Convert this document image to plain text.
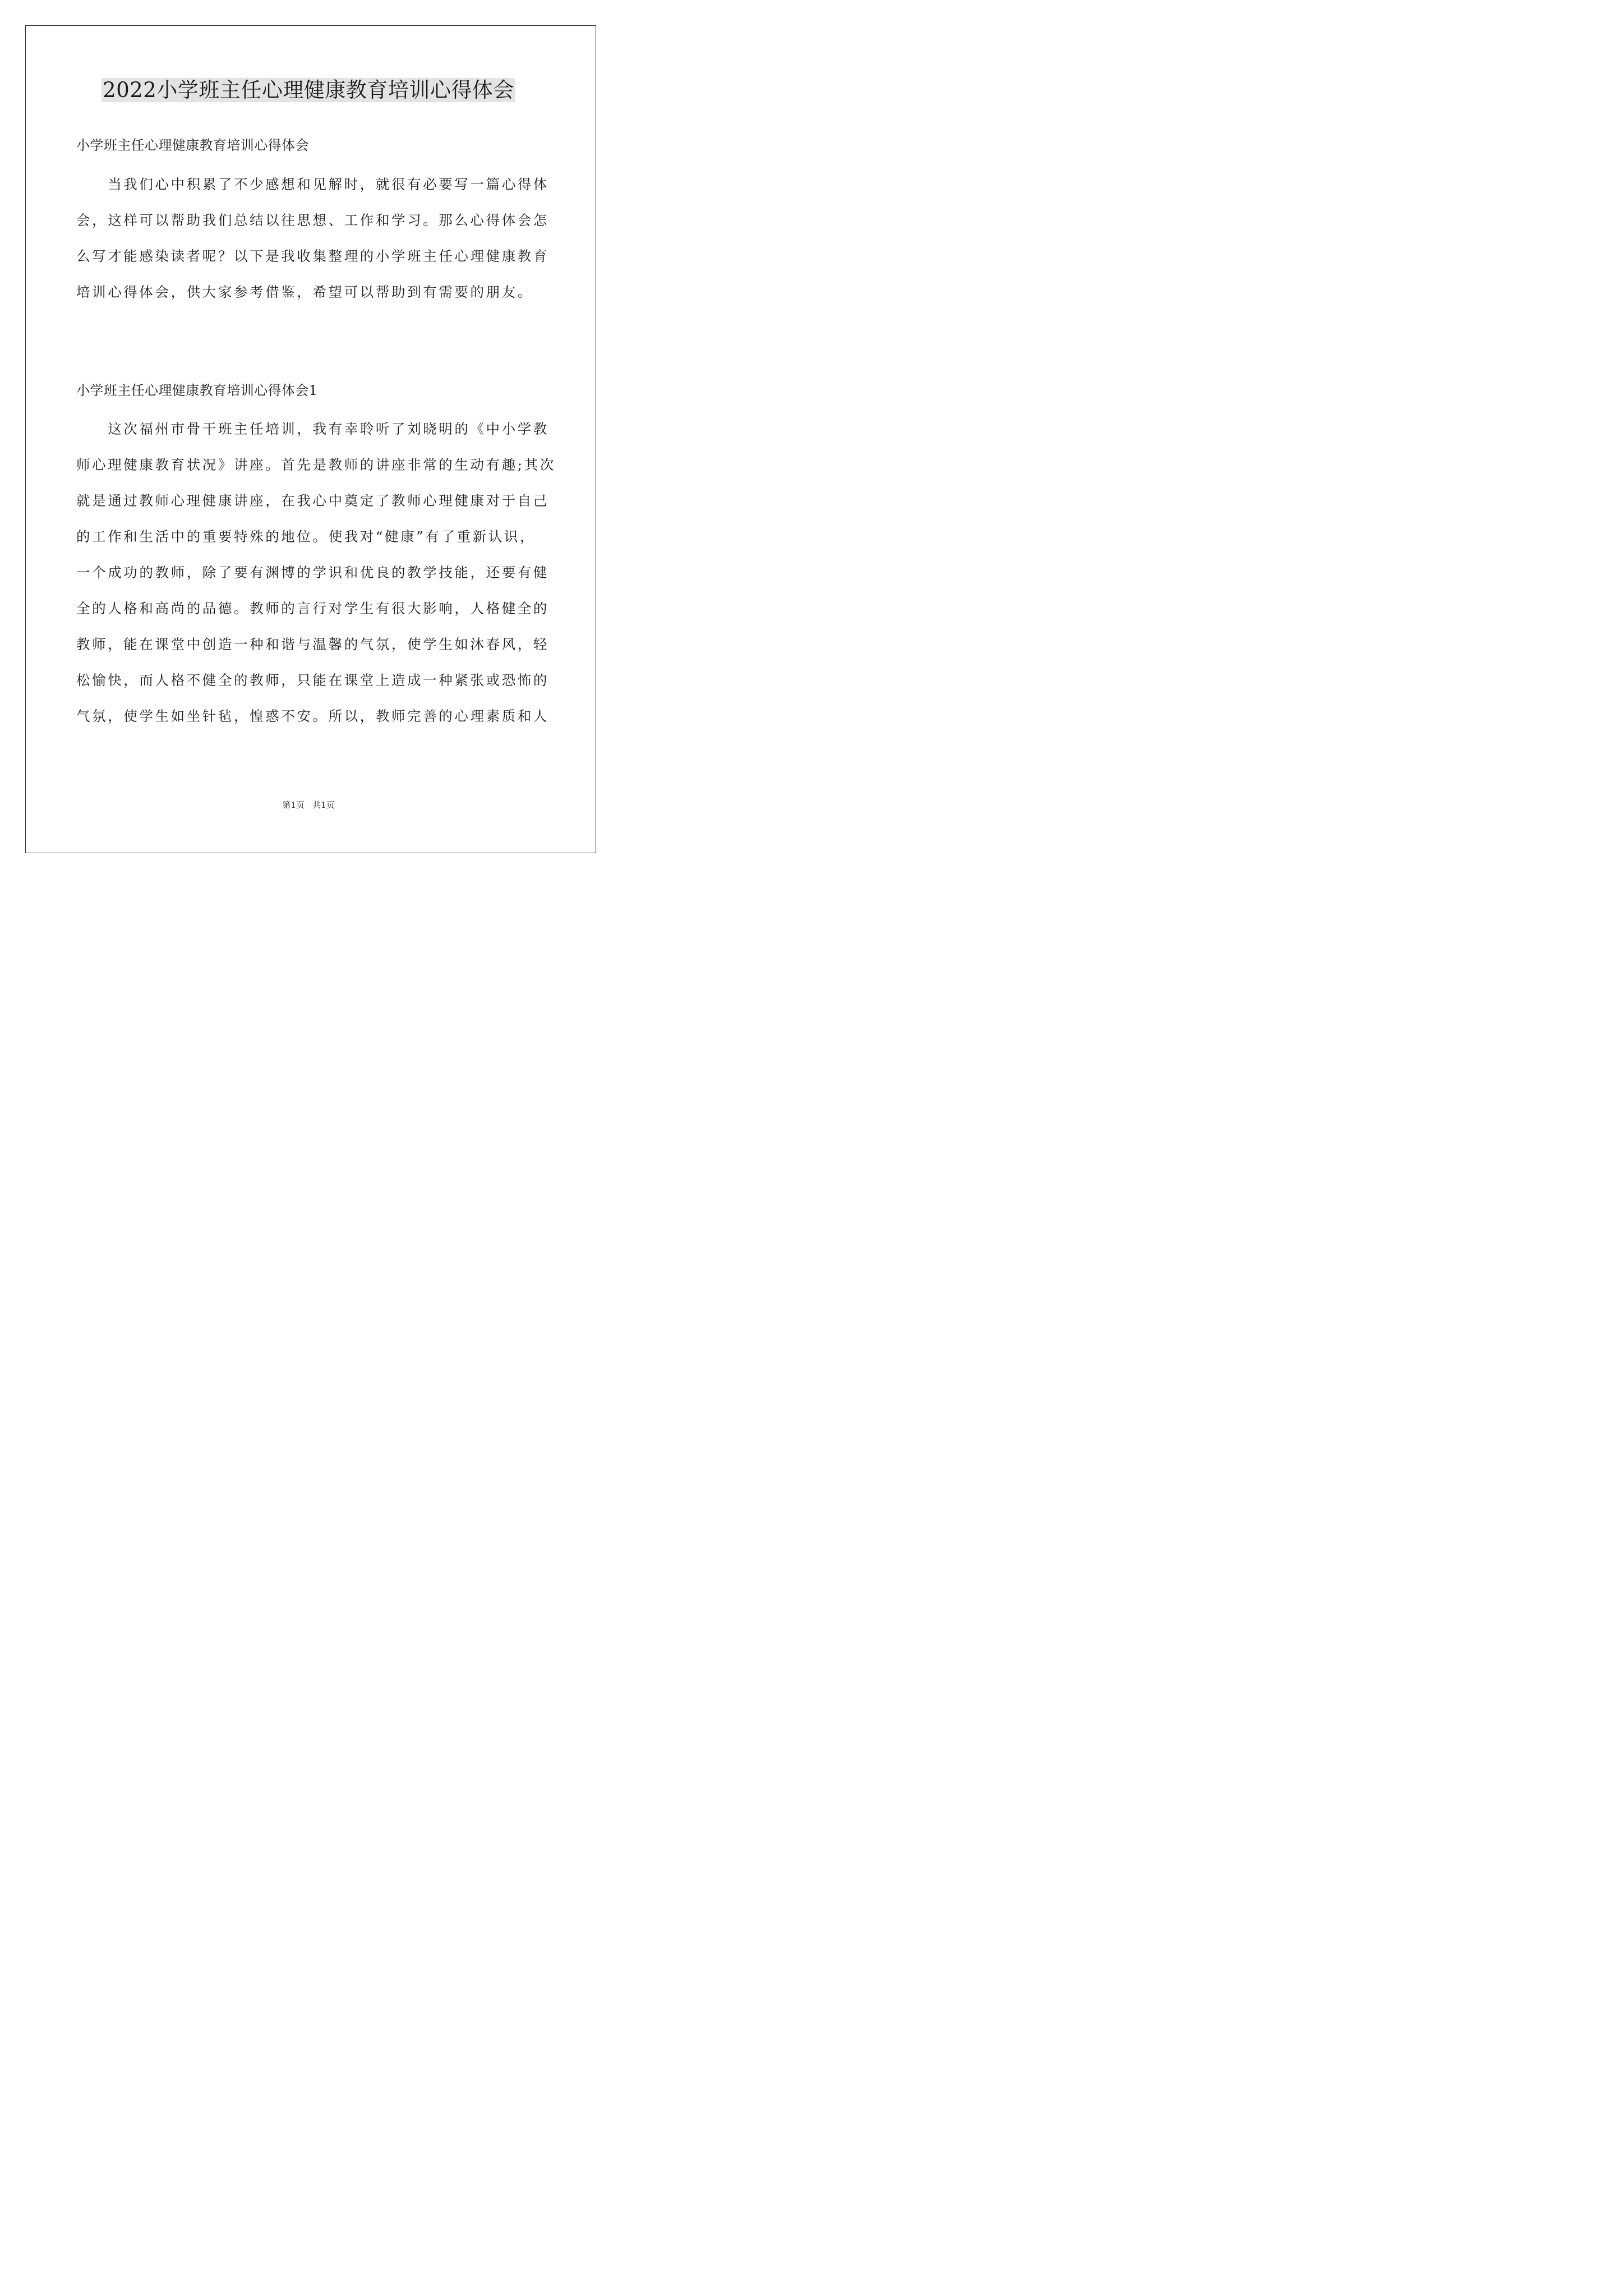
2022小学班主任心理健康教育培训心得体会

小学班主任心理健康教育培训心得体会

　　当我们心中积累了不少感想和见解时，就很有必要写一篇心得体
会，这样可以帮助我们总结以往思想、工作和学习。那么心得体会怎
么写才能感染读者呢？以下是我收集整理的小学班主任心理健康教育
培训心得体会，供大家参考借鉴，希望可以帮助到有需要的朋友。

小学班主任心理健康教育培训心得体会1

　　这次福州市骨干班主任培训，我有幸聆听了刘晓明的《中小学教
师心理健康教育状况》讲座。首先是教师的讲座非常的生动有趣;其次
就是通过教师心理健康讲座，在我心中奠定了教师心理健康对于自己
的工作和生活中的重要特殊的地位。使我对“健康”有了重新认识，
一个成功的教师，除了要有渊博的学识和优良的教学技能，还要有健
全的人格和高尚的品德。教师的言行对学生有很大影响，人格健全的
教师，能在课堂中创造一种和谐与温馨的气氛，使学生如沐春风，轻
松愉快，而人格不健全的教师，只能在课堂上造成一种紧张或恐怖的
气氛，使学生如坐针毡，惶惑不安。所以，教师完善的心理素质和人
第1页   共1页
